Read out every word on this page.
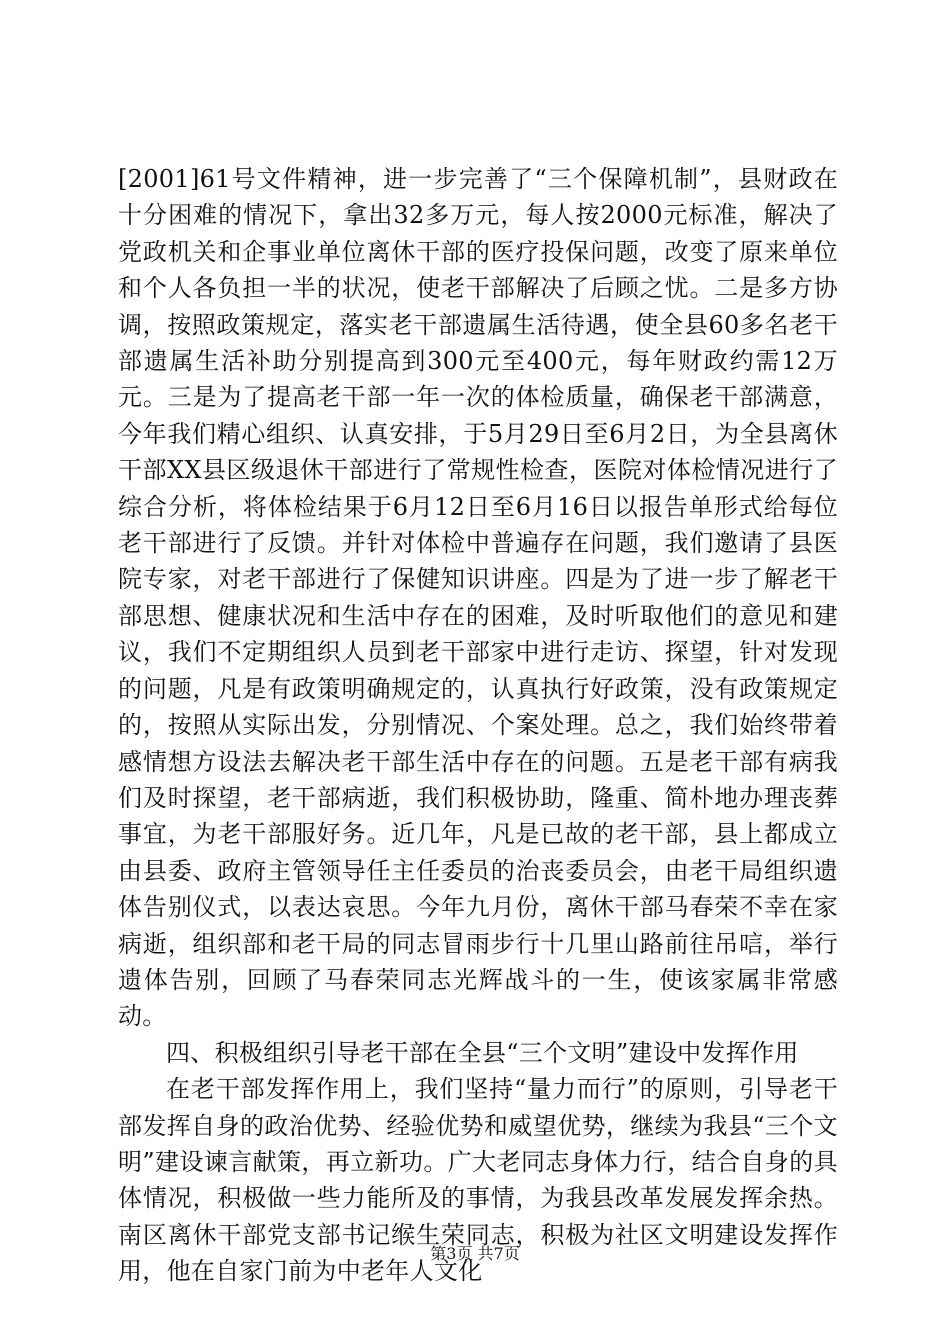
[2001]61号文件精神，进一步完善了“三个保障机制”，县财政在十分困难的情况下，拿出32多万元，每人按2000元标准，解决了党政机关和企事业单位离休干部的医疗投保问题，改变了原来单位和个人各负担一半的状况，使老干部解决了后顾之忧。二是多方协调，按照政策规定，落实老干部遗属生活待遇，使全县60多名老干部遗属生活补助分别提高到300元至400元，每年财政约需12万元。三是为了提高老干部一年一次的体检质量，确保老干部满意，今年我们精心组织、认真安排，于5月29日至6月2日，为全县离休干部XX县区级退休干部进行了常规性检查，医院对体检情况进行了综合分析，将体检结果于6月12日至6月16日以报告单形式给每位老干部进行了反馈。并针对体检中普遍存在问题，我们邀请了县医院专家，对老干部进行了保健知识讲座。四是为了进一步了解老干部思想、健康状况和生活中存在的困难，及时听取他们的意见和建议，我们不定期组织人员到老干部家中进行走访、探望，针对发现的问题，凡是有政策明确规定的，认真执行好政策，没有政策规定的，按照从实际出发，分别情况、个案处理。总之，我们始终带着感情想方设法去解决老干部生活中存在的问题。五是老干部有病我们及时探望，老干部病逝，我们积极协助，隆重、简朴地办理丧葬事宜，为老干部服好务。近几年，凡是已故的老干部，县上都成立由县委、政府主管领导任主任委员的治丧委员会，由老干局组织遗体告别仪式，以表达哀思。今年九月份，离休干部马春荣不幸在家病逝，组织部和老干局的同志冒雨步行十几里山路前往吊唁，举行遗体告别，回顾了马春荣同志光辉战斗的一生，使该家属非常感动。

四、积极组织引导老干部在全县“三个文明”建设中发挥作用

在老干部发挥作用上，我们坚持“量力而行”的原则，引导老干部发挥自身的政治优势、经验优势和威望优势，继续为我县“三个文明”建设谏言献策，再立新功。广大老同志身体力行，结合自身的具体情况，积极做一些力能所及的事情，为我县改革发展发挥余热。南区离休干部党支部书记缑生荣同志，积极为社区文明建设发挥作用，他在自家门前为中老年人文化

第3页 共7页
